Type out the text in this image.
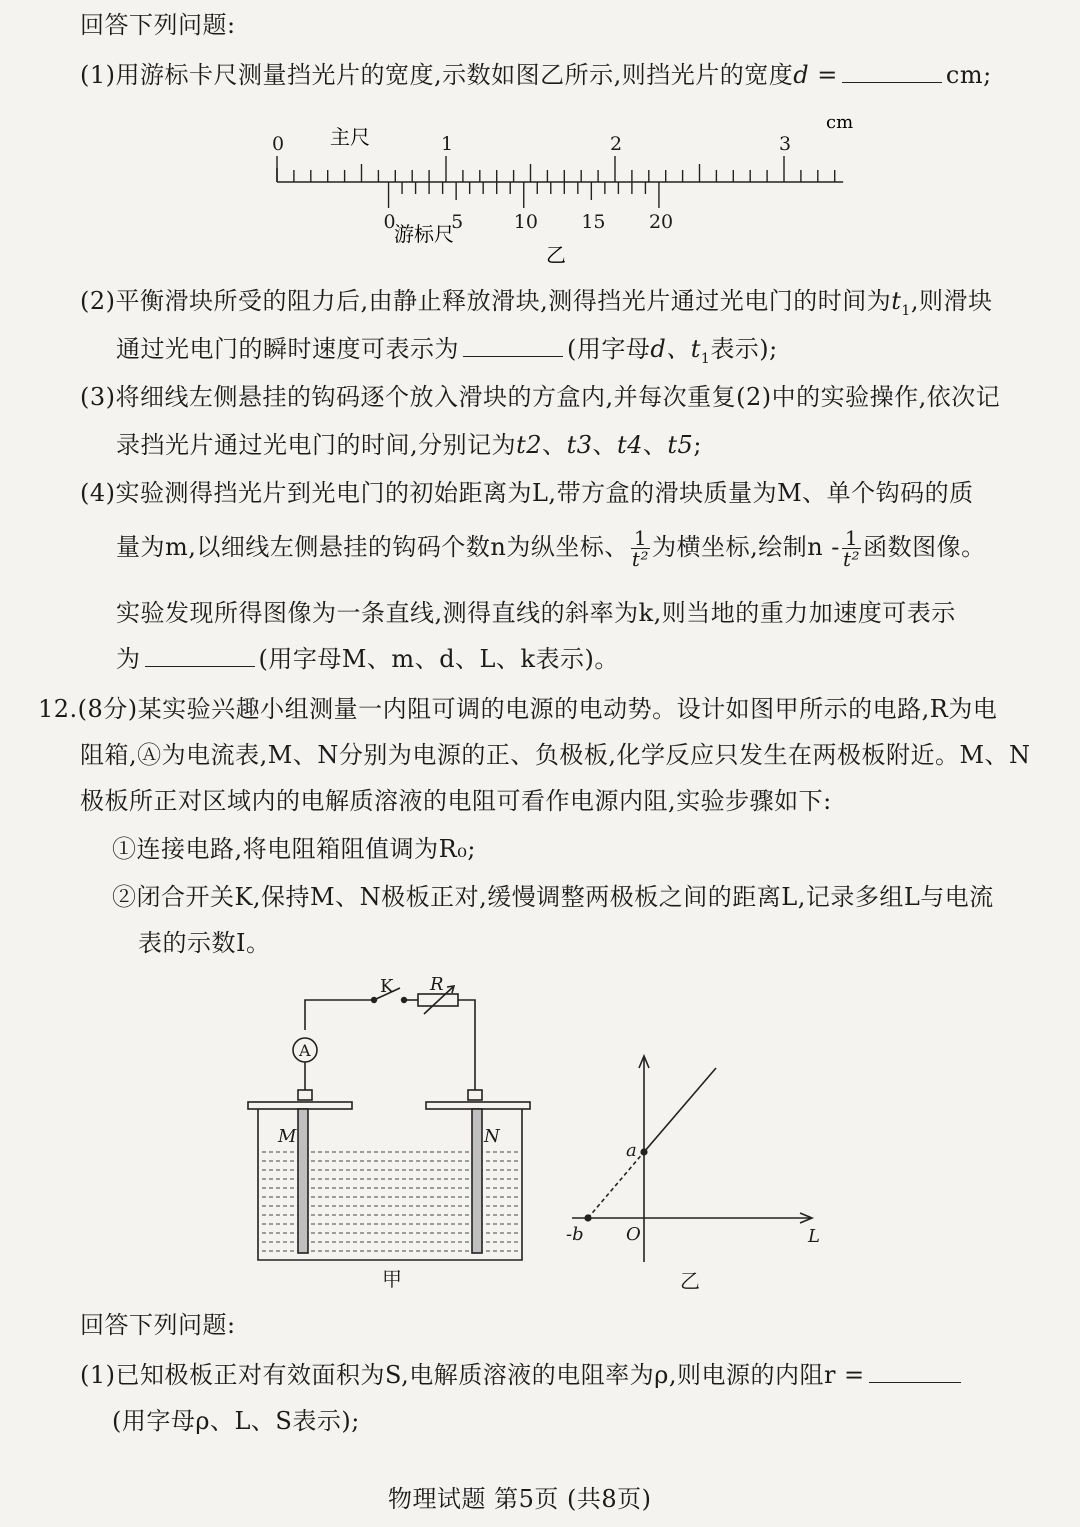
回答下列问题:
(1)用游标卡尺测量挡光片的宽度,示数如图乙所示,则挡光片的宽度d =	cm;
0	1	2	3
0	5	10 15 20
cm
主尺
游标尺
乙
(2)平衡滑块所受的阻力后,由静止释放滑块,测得挡光片通过光电门的时间为$t_1$,则滑块
通过光电门的瞬时速度可表示为	(用字母d、$t_1$表示);
(3)将细线左侧悬挂的钩码逐个放入滑块的方盒内,并每次重复(2)中的实验操作,依次记
录挡光片通过光电门的时间,分别记为t2、t3、t4、t5;
(4)实验测得挡光片到光电门的初始距离为L,带方盒的滑块质量为M、单个钩码的质
量为m,以细线左侧悬挂的钩码个数n为纵坐标、 $\frac{1}{\text{t²}}$ 为横坐标,绘制n - $\frac{1}{\text{t²}}$ 函数图像。
实验发现所得图像为一条直线,测得直线的斜率为k,则当地的重力加速度可表示
为	(用字母M、m、d、L、k表示)。
12.(8分)某实验兴趣小组测量一内阻可调的电源的电动势。设计如图甲所示的电路,R为电
阻箱,Ⓐ为电流表,M、N分别为电源的正、负极板,化学反应只发生在两极板附近。M、N
极板所正对区域内的电解质溶液的电阻可看作电源内阻,实验步骤如下:
①连接电路,将电阻箱阻值调为R₀;
②闭合开关K,保持M、N极板正对,缓慢调整两极板之间的距离L,记录多组L与电流
表的示数I。
K R
A
M	N
甲
a
-b O	L
乙
回答下列问题:
(1)已知极板正对有效面积为S,电解质溶液的电阻率为ρ,则电源的内阻r =
(用字母ρ、L、S表示);
物理试题 第5页 (共8页)
